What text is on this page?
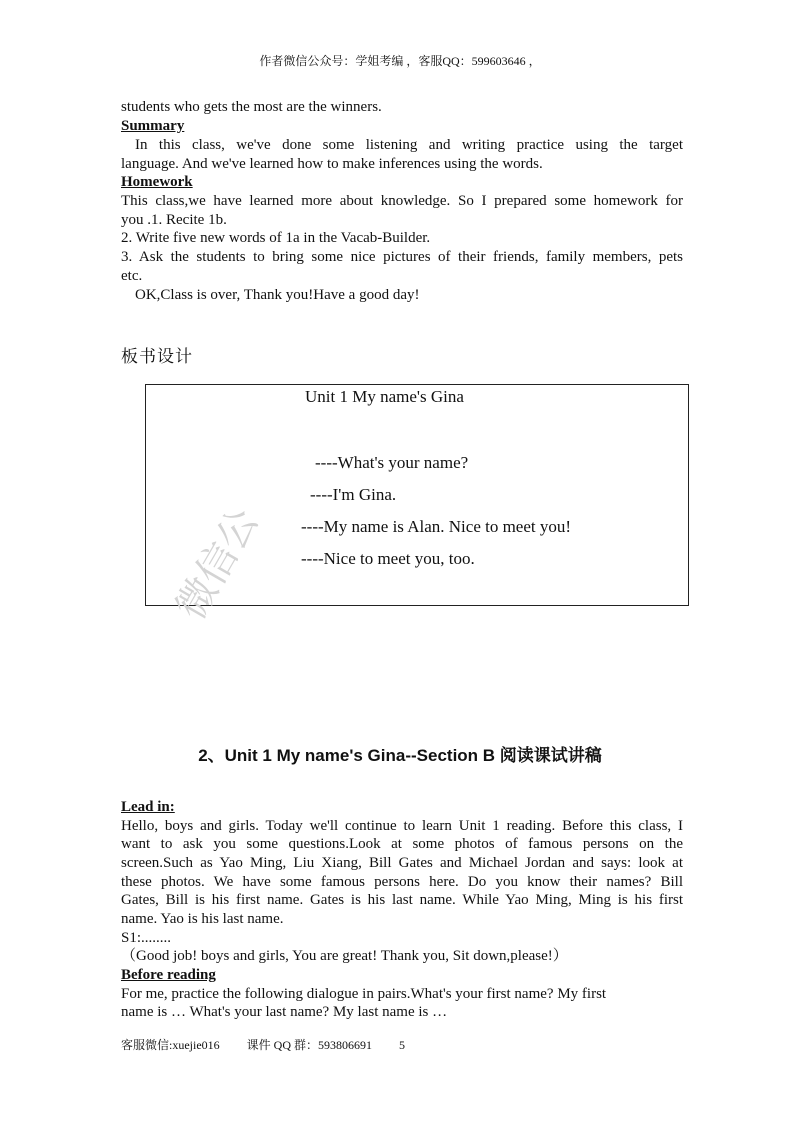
作者微信公众号：学姐考编 ，客服QQ：599603646 ，
students who gets the most are the winners.
Summary
In this class, we've done some listening and writing practice using the target
language. And we've learned how to make inferences using the words.
Homework
This class,we have learned more about knowledge. So I prepared some homework for
you .1. Recite 1b.
2. Write five new words of 1a in the Vacab-Builder.
3. Ask the students to bring some nice pictures of their friends, family members, pets
etc.
OK,Class is over, Thank you!Have a good day!
板书设计
Unit 1 My name's Gina
----What's your name?
----I'm Gina.
----My name is Alan. Nice to meet you!
----Nice to meet you, too.
微信公
2、Unit 1 My name's Gina--Section B 阅读课试讲稿
Lead in:
Hello, boys and girls. Today we'll continue to learn Unit 1 reading. Before this class, I
want to ask you some questions.Look at some photos of famous persons on the
screen.Such as Yao Ming, Liu Xiang, Bill Gates and Michael Jordan and says: look at
these photos. We have some famous persons here. Do you know their names? Bill
Gates, Bill is his first name. Gates is his last name. While Yao Ming, Ming is his first
name. Yao is his last name.
S1:........
（Good job! boys and girls, You are great! Thank you, Sit down,please!）
Before reading
For me, practice the following dialogue in pairs.What's your first name? My first
name is … What's your last name? My last name is …
客服微信:xuejie016 课件 QQ 群：593806691 5
